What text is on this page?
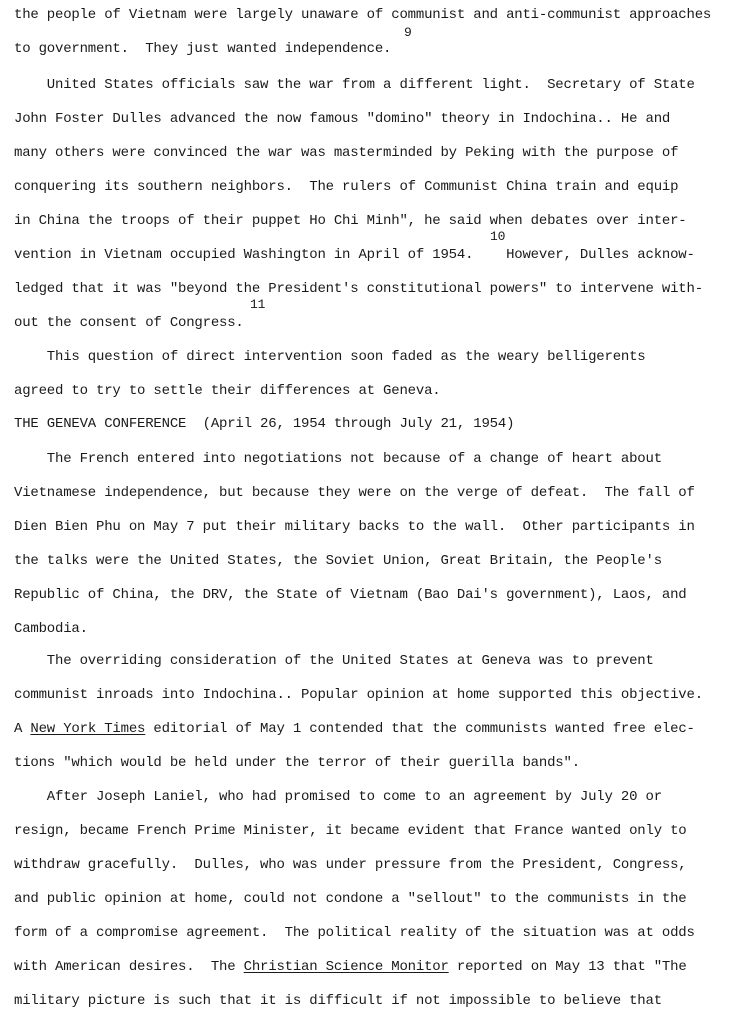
the people of Vietnam were largely unaware of communist and anti-communist approaches
to government.  They just wanted independence.
9
United States officials saw the war from a different light.  Secretary of State
John Foster Dulles advanced the now famous "domino" theory in Indochina.. He and
many others were convinced the war was masterminded by Peking with the purpose of
conquering its southern neighbors.  The rulers of Communist China train and equip
in China the troops of their puppet Ho Chi Minh", he said when debates over inter-
10
vention in Vietnam occupied Washington in April of 1954.    However, Dulles acknow-
ledged that it was "beyond the President's constitutional powers" to intervene with-
11
out the consent of Congress.
This question of direct intervention soon faded as the weary belligerents
agreed to try to settle their differences at Geneva.
THE GENEVA CONFERENCE  (April 26, 1954 through July 21, 1954)
The French entered into negotiations not because of a change of heart about
Vietnamese independence, but because they were on the verge of defeat.  The fall of
Dien Bien Phu on May 7 put their military backs to the wall.  Other participants in
the talks were the United States, the Soviet Union, Great Britain, the People's
Republic of China, the DRV, the State of Vietnam (Bao Dai's government), Laos, and
Cambodia.
The overriding consideration of the United States at Geneva was to prevent
communist inroads into Indochina.. Popular opinion at home supported this objective.
A New York Times editorial of May 1 contended that the communists wanted free elec-
tions "which would be held under the terror of their guerilla bands".
After Joseph Laniel, who had promised to come to an agreement by July 20 or
resign, became French Prime Minister, it became evident that France wanted only to
withdraw gracefully.  Dulles, who was under pressure from the President, Congress,
and public opinion at home, could not condone a "sellout" to the communists in the
form of a compromise agreement.  The political reality of the situation was at odds
with American desires.  The Christian Science Monitor reported on May 13 that "The
military picture is such that it is difficult if not impossible to believe that
